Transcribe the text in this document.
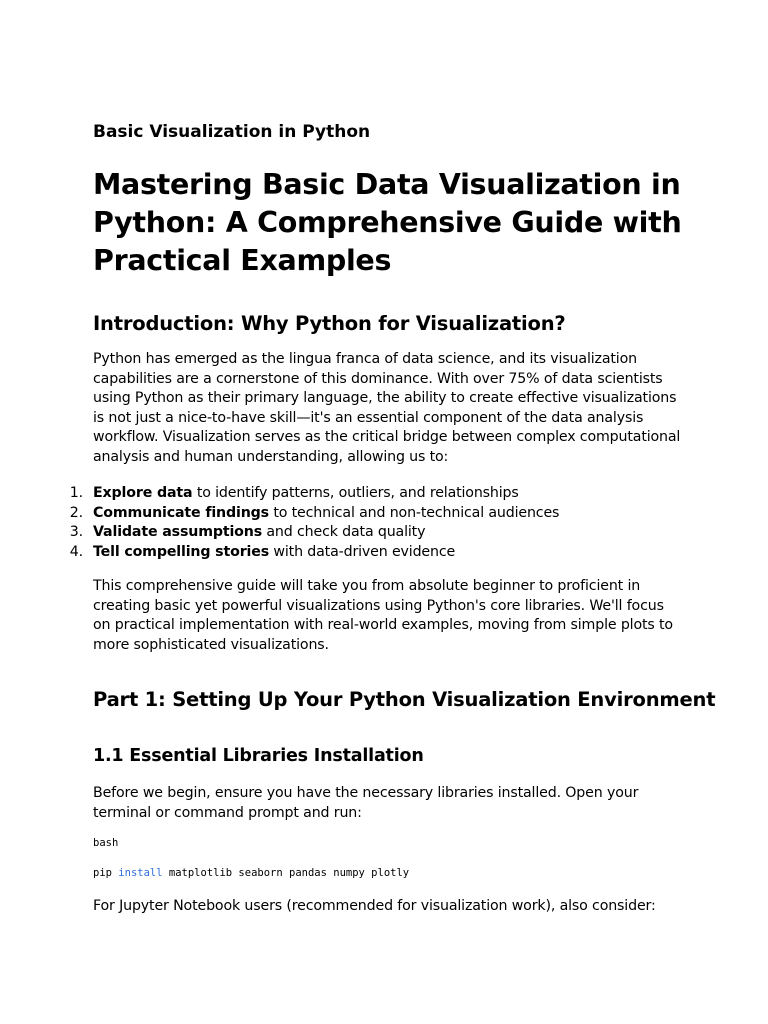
Basic Visualization in Python
Mastering Basic Data Visualization in Python: A Comprehensive Guide with Practical Examples
Introduction: Why Python for Visualization?
Python has emerged as the lingua franca of data science, and its visualization capabilities are a cornerstone of this dominance. With over 75% of data scientists using Python as their primary language, the ability to create effective visualizations is not just a nice-to-have skill—it's an essential component of the data analysis workflow. Visualization serves as the critical bridge between complex computational analysis and human understanding, allowing us to:
1. Explore data to identify patterns, outliers, and relationships
2. Communicate findings to technical and non-technical audiences
3. Validate assumptions and check data quality
4. Tell compelling stories with data-driven evidence
This comprehensive guide will take you from absolute beginner to proficient in creating basic yet powerful visualizations using Python's core libraries. We'll focus on practical implementation with real-world examples, moving from simple plots to more sophisticated visualizations.
Part 1: Setting Up Your Python Visualization Environment
1.1 Essential Libraries Installation
Before we begin, ensure you have the necessary libraries installed. Open your terminal or command prompt and run:
bash
pip install matplotlib seaborn pandas numpy plotly
For Jupyter Notebook users (recommended for visualization work), also consider:
